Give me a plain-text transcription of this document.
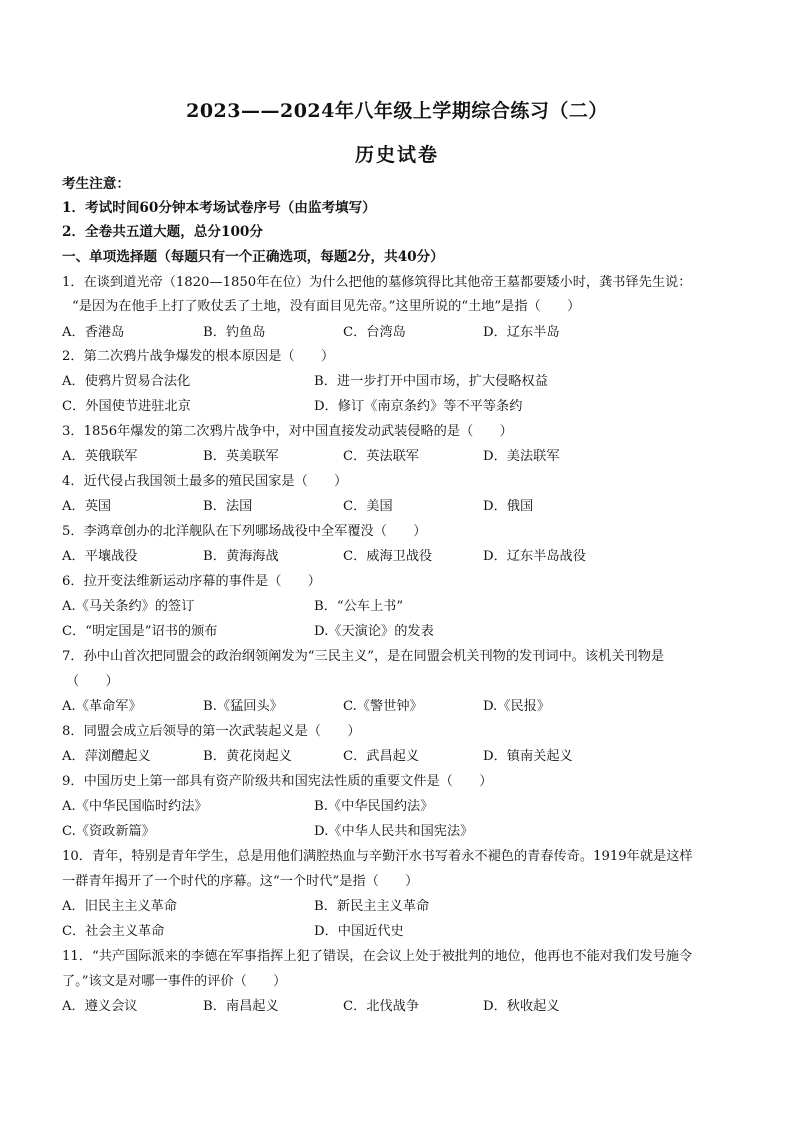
2023——2024年八年级上学期综合练习（二）
历史试卷
考生注意：
1．考试时间60分钟本考场试卷序号（由监考填写）
2．全卷共五道大题，总分100分
一、单项选择题（每题只有一个正确选项，每题2分，共40分）
1．在谈到道光帝（1820—1850年在位）为什么把他的墓修筑得比其他帝王墓都要矮小时，龚书铎先生说：
“是因为在他手上打了败仗丢了土地，没有面目见先帝。”这里所说的“土地”是指（　　）
A．香港岛	B．钓鱼岛	C．台湾岛	D．辽东半岛
2．第二次鸦片战争爆发的根本原因是（　　）
A．使鸦片贸易合法化	B．进一步打开中国市场，扩大侵略权益
C．外国使节进驻北京	D．修订《南京条约》等不平等条约
3．1856年爆发的第二次鸦片战争中，对中国直接发动武装侵略的是（　　）
A．英俄联军	B．英美联军	C．英法联军	D．美法联军
4．近代侵占我国领土最多的殖民国家是（　　）
A．英国	B．法国	C．美国	D．俄国
5．李鸿章创办的北洋舰队在下列哪场战役中全军覆没（　　）
A．平壤战役	B．黄海海战	C．威海卫战役	D．辽东半岛战役
6．拉开变法维新运动序幕的事件是（　　）
A.《马关条约》的签订	B．“公车上书”
C．“明定国是”诏书的颁布	D.《天演论》的发表
7．孙中山首次把同盟会的政治纲领阐发为“三民主义”，是在同盟会机关刊物的发刊词中。该机关刊物是
（　　）
A.《革命军》	B.《猛回头》	C.《警世钟》	D.《民报》
8．同盟会成立后领导的第一次武装起义是（　　）
A．萍浏醴起义	B．黄花岗起义	C．武昌起义	D．镇南关起义
9．中国历史上第一部具有资产阶级共和国宪法性质的重要文件是（　　）
A.《中华民国临时约法》	B.《中华民国约法》
C.《资政新篇》	D.《中华人民共和国宪法》
10．青年，特别是青年学生，总是用他们满腔热血与辛勤汗水书写着永不褪色的青春传奇。1919年就是这样
一群青年揭开了一个时代的序幕。这“一个时代”是指（　　）
A．旧民主主义革命	B．新民主主义革命
C．社会主义革命	D．中国近代史
11．“共产国际派来的李德在军事指挥上犯了错误，在会议上处于被批判的地位，他再也不能对我们发号施令
了。”该文是对哪一事件的评价（　　）
A．遵义会议	B．南昌起义	C．北伐战争	D．秋收起义
